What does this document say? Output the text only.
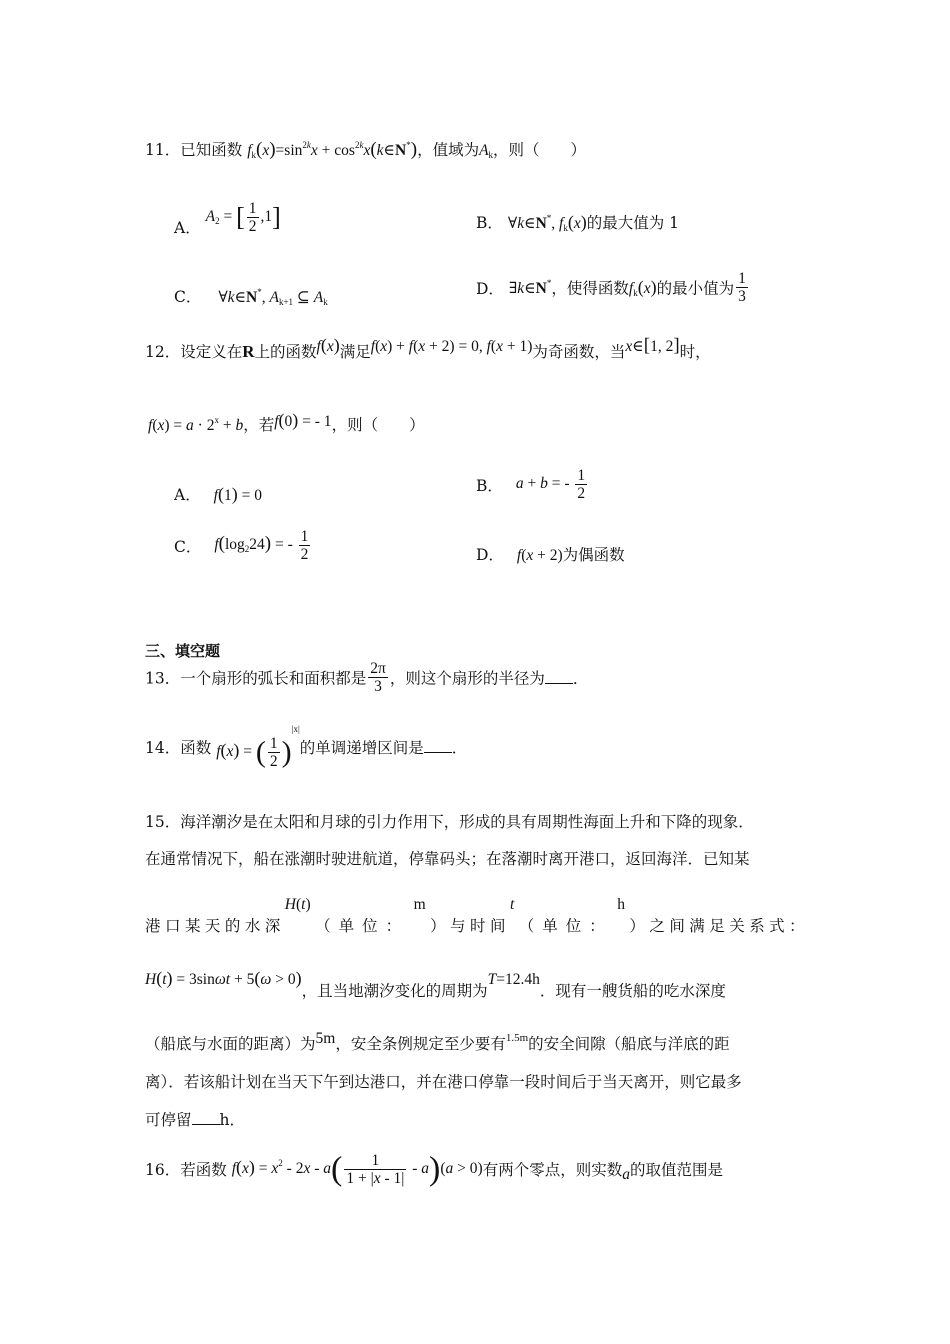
11．已知函数 $f_k(x)=\sin^{2k}x$ + $\cos^{2k}x(k\in N^*)$，值域为$A_k$，则（　　）
A． $A_2$ = [ $\frac{1}{2} ,1$]	B． ∀k∈N*, $f_k(x)$的最大值为 1
C． ∀k∈N*, $A_{k+1}$ ⊆ $A_k$
D． ∃k∈N*，使得函数$f_k(x)$的最小值为 $\frac{1}{3}$
12．设定义在R上的函数f(x)满足f(x) + f(x + 2) = 0, f(x + 1)为奇函数，当x∈[1, 2]时，
$f(x) = a \cdot 2^x + b$，若f(0) = - 1，则（　　）
A． f(1) = 0
B． a + b = - $\frac{1}{2}$
C． $f(\log_224)$ = - $\frac{1}{2}$	D． f(x + 2)为偶函数
三、填空题
13．一个扇形的弧长和面积都是 $\frac{2\pi}{3}$ ，则这个扇形的半径为 ．
14．函数 f(x) = ( $\frac{1}{2} )^{|x|}$的单调递增区间是 ．
15．海洋潮汐是在太阳和月球的引力作用下，形成的具有周期性海面上升和下降的现象．
在通常情况下，船在涨潮时驶进航道，停靠码头；在落潮时离开港口，返回海洋．已知某
港 口 某 天 的 水 深
H(t)
（单位：
m
） 与 时 间
t
（单位：
h
） 之 间 满 足 关 系 式 ：
H(t) = 3sinωt + 5(ω > 0)，且当地潮汐变化的周期为T=12.4h．现有一艘货船的吃水深度
（船底与水面的距离）为5m，安全条例规定至少要有$^{1.5m}$的安全间隙（船底与洋底的距
离）．若该船计划在当天下午到达港口，并在港口停靠一段时间后于当天离开，则它最多
可停留 h．
16．若函数 $f(x) = x^2 - 2x - a( \frac{1}{1 + |x - 1|} - a)(a > 0)$有两个零点，则实数a的取值范围是
